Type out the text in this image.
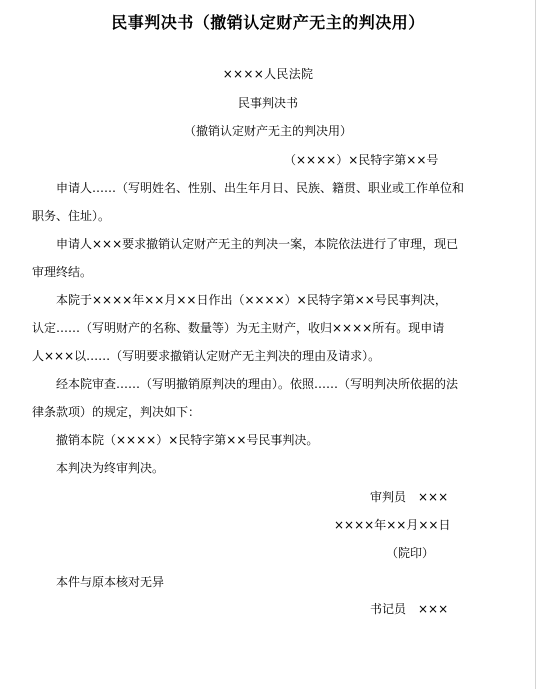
民事判决书（撤销认定财产无主的判决用）
××××人民法院
民事判决书
（撤销认定财产无主的判决用）
（××××）×民特字第××号
申请人……（写明姓名、性别、出生年月日、民族、籍贯、职业或工作单位和
职务、住址）。
申请人×××要求撤销认定财产无主的判决一案，本院依法进行了审理，现已
审理终结。
本院于××××年××月××日作出（××××）×民特字第××号民事判决，
认定……（写明财产的名称、数量等）为无主财产，收归××××所有。现申请
人×××以……（写明要求撤销认定财产无主判决的理由及请求）。
经本院审查……（写明撤销原判决的理由）。依照……（写明判决所依据的法
律条款项）的规定，判决如下：
撤销本院（××××）×民特字第××号民事判决。
本判决为终审判决。
审判员　×××
××××年××月××日
（院印）
本件与原本核对无异
书记员　×××
